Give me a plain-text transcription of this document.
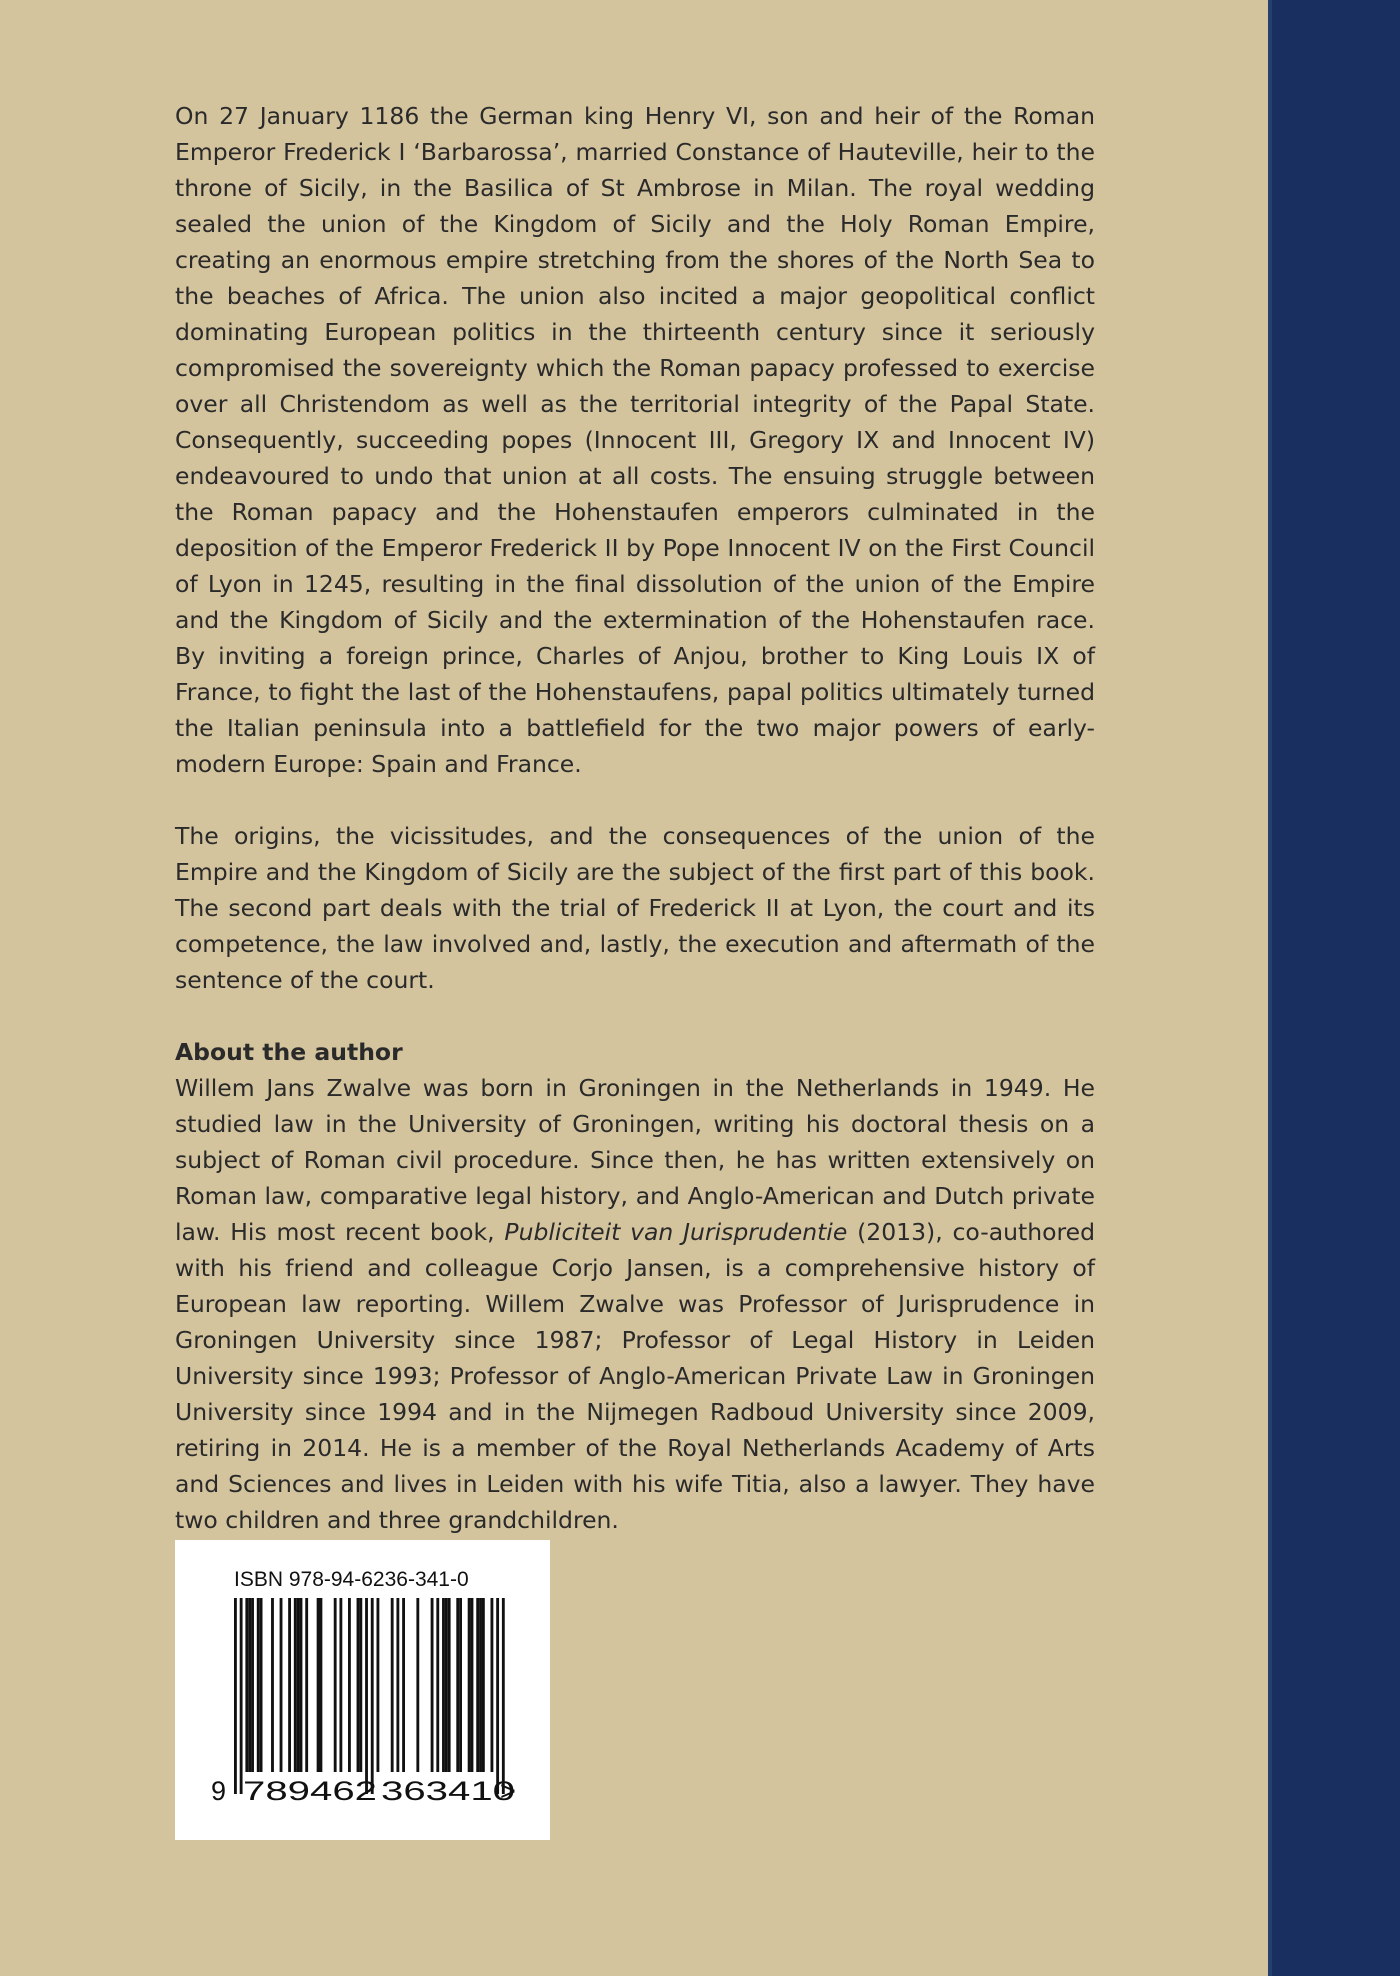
On 27 January 1186 the German king Henry VI, son and heir of the Roman Emperor Frederick I ‘Barbarossa’, married Constance of Hauteville, heir to the throne of Sicily, in the Basilica of St Ambrose in Milan. The royal wedding sealed the union of the Kingdom of Sicily and the Holy Roman Empire, creating an enormous empire stretching from the shores of the North Sea to the beaches of Africa. The union also incited a major geopolitical conflict dominating European politics in the thirteenth century since it seriously compromised the sovereignty which the Roman papacy professed to exercise over all Christendom as well as the territorial integrity of the Papal State. Consequently, succeeding popes (Innocent III, Gregory IX and Innocent IV) endeavoured to undo that union at all costs. The ensuing struggle between the Roman papacy and the Hohenstaufen emperors culminated in the deposition of the Emperor Frederick II by Pope Innocent IV on the First Council of Lyon in 1245, resulting in the final dissolution of the union of the Empire and the Kingdom of Sicily and the extermination of the Hohenstaufen race. By inviting a foreign prince, Charles of Anjou, brother to King Louis IX of France, to fight the last of the Hohenstaufens, papal politics ultimately turned the Italian peninsula into a battlefield for the two major powers of early-modern Europe: Spain and France.

The origins, the vicissitudes, and the consequences of the union of the Empire and the Kingdom of Sicily are the subject of the first part of this book. The second part deals with the trial of Frederick II at Lyon, the court and its competence, the law involved and, lastly, the execution and aftermath of the sentence of the court.

About the author
Willem Jans Zwalve was born in Groningen in the Netherlands in 1949. He studied law in the University of Groningen, writing his doctoral thesis on a subject of Roman civil procedure. Since then, he has written extensively on Roman law, comparative legal history, and Anglo-American and Dutch private law. His most recent book, Publiciteit van Jurisprudentie (2013), co-authored with his friend and colleague Corjo Jansen, is a comprehensive history of European law reporting. Willem Zwalve was Professor of Jurisprudence in Groningen University since 1987; Professor of Legal History in Leiden University since 1993; Professor of Anglo-American Private Law in Groningen University since 1994 and in the Nijmegen Radboud University since 2009, retiring in 2014. He is a member of the Royal Netherlands Academy of Arts and Sciences and lives in Leiden with his wife Titia, also a lawyer. They have two children and three grandchildren.
ISBN 978-94-6236-341-0
9 789462 363410
>
